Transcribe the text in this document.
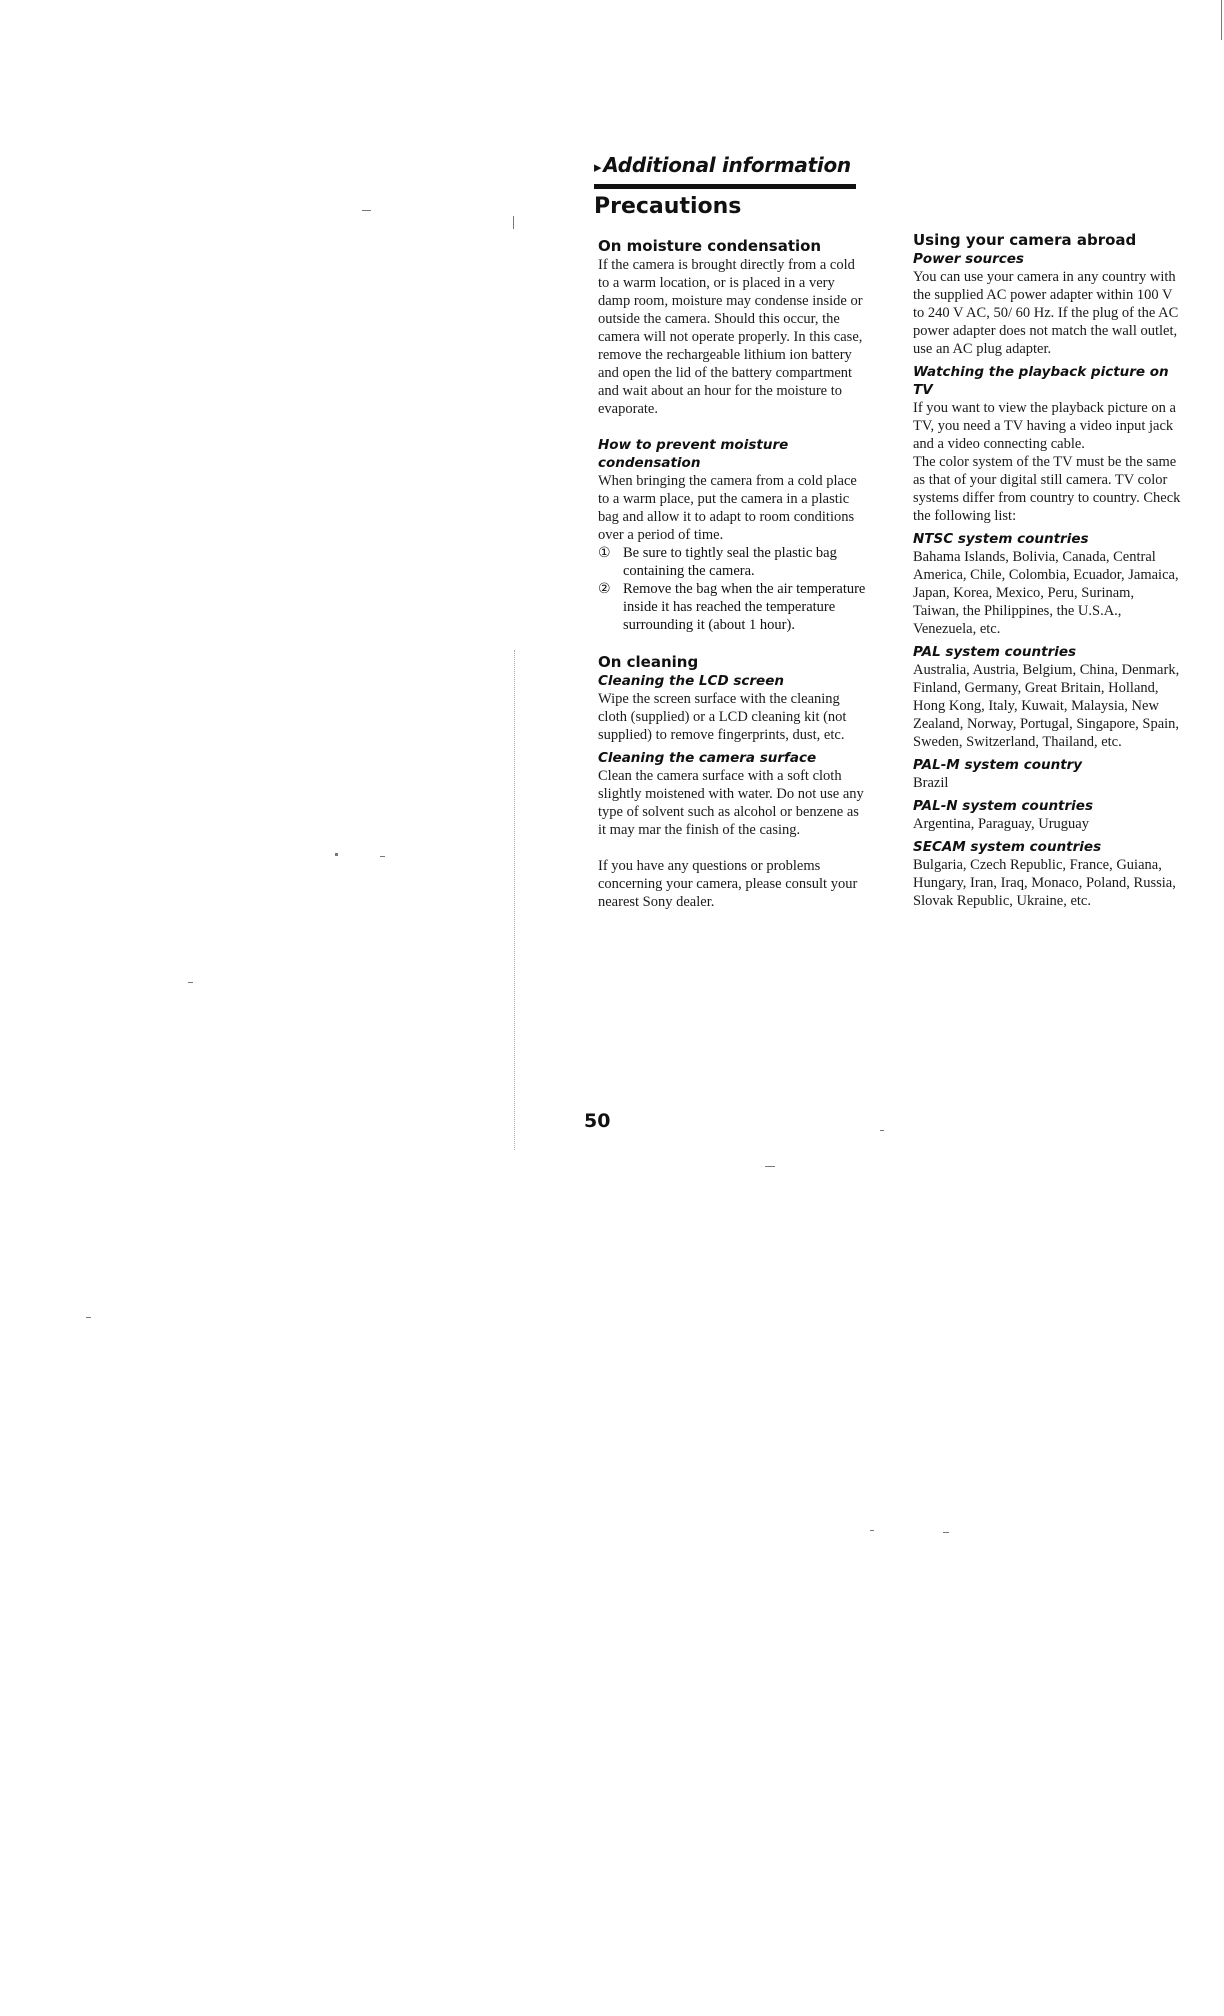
▸ Additional information
Precautions
On moisture condensation

If the camera is brought directly from a cold to a warm location, or is placed in a very damp room, moisture may condense inside or outside the camera. Should this occur, the camera will not operate properly. In this case, remove the rechargeable lithium ion battery and open the lid of the battery compartment and wait about an hour for the moisture to evaporate.

How to prevent moisture condensation

When bringing the camera from a cold place to a warm place, put the camera in a plastic bag and allow it to adapt to room conditions over a period of time.

① Be sure to tightly seal the plastic bag containing the camera.
② Remove the bag when the air temperature inside it has reached the temperature surrounding it (about 1 hour).
On cleaning
Cleaning the LCD screen

Wipe the screen surface with the cleaning cloth (supplied) or a LCD cleaning kit (not supplied) to remove fingerprints, dust, etc.

Cleaning the camera surface

Clean the camera surface with a soft cloth slightly moistened with water. Do not use any type of solvent such as alcohol or benzene as it may mar the finish of the casing.

If you have any questions or problems concerning your camera, please consult your nearest Sony dealer.

Using your camera abroad
Power sources

You can use your camera in any country with the supplied AC power adapter within 100 V to 240 V AC, 50/ 60 Hz. If the plug of the AC power adapter does not match the wall outlet, use an AC plug adapter.

Watching the playback picture on TV

If you want to view the playback picture on a TV, you need a TV having a video input jack and a video connecting cable.

The color system of the TV must be the same as that of your digital still camera. TV color systems differ from country to country. Check the following list:

NTSC system countries

Bahama Islands, Bolivia, Canada, Central America, Chile, Colombia, Ecuador, Jamaica, Japan, Korea, Mexico, Peru, Surinam, Taiwan, the Philippines, the U.S.A., Venezuela, etc.

PAL system countries

Australia, Austria, Belgium, China, Denmark, Finland, Germany, Great Britain, Holland, Hong Kong, Italy, Kuwait, Malaysia, New Zealand, Norway, Portugal, Singapore, Spain, Sweden, Switzerland, Thailand, etc.

PAL-M system country

Brazil

PAL-N system countries

Argentina, Paraguay, Uruguay

SECAM system countries

Bulgaria, Czech Republic, France, Guiana, Hungary, Iran, Iraq, Monaco, Poland, Russia, Slovak Republic, Ukraine, etc.

50
